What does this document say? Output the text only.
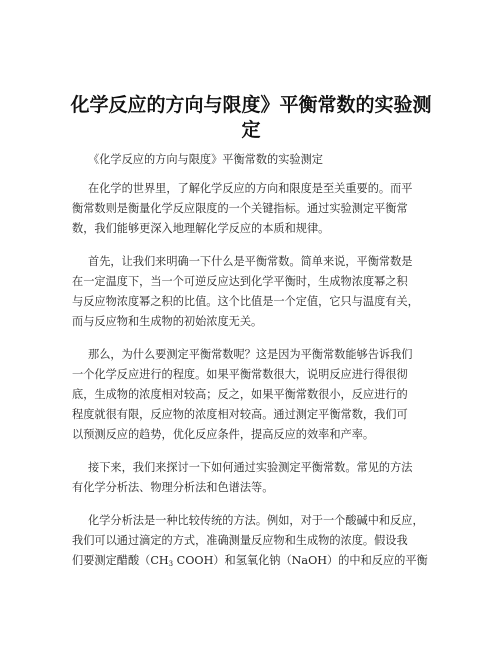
化学反应的方向与限度》平衡常数的实验测
定
《化学反应的方向与限度》平衡常数的实验测定
在化学的世界里，了解化学反应的方向和限度是至关重要的。而平
衡常数则是衡量化学反应限度的一个关键指标。通过实验测定平衡常
数，我们能够更深入地理解化学反应的本质和规律。
首先，让我们来明确一下什么是平衡常数。简单来说，平衡常数是
在一定温度下，当一个可逆反应达到化学平衡时，生成物浓度幂之积
与反应物浓度幂之积的比值。这个比值是一个定值，它只与温度有关，
而与反应物和生成物的初始浓度无关。
那么，为什么要测定平衡常数呢？这是因为平衡常数能够告诉我们
一个化学反应进行的程度。如果平衡常数很大，说明反应进行得很彻
底，生成物的浓度相对较高；反之，如果平衡常数很小，反应进行的
程度就很有限，反应物的浓度相对较高。通过测定平衡常数，我们可
以预测反应的趋势，优化反应条件，提高反应的效率和产率。
接下来，我们来探讨一下如何通过实验测定平衡常数。常见的方法
有化学分析法、物理分析法和色谱法等。
化学分析法是一种比较传统的方法。例如，对于一个酸碱中和反应，
我们可以通过滴定的方式，准确测量反应物和生成物的浓度。假设我
们要测定醋酸（$CH_3$ COOH）和氢氧化钠（NaOH）的中和反应的平衡
